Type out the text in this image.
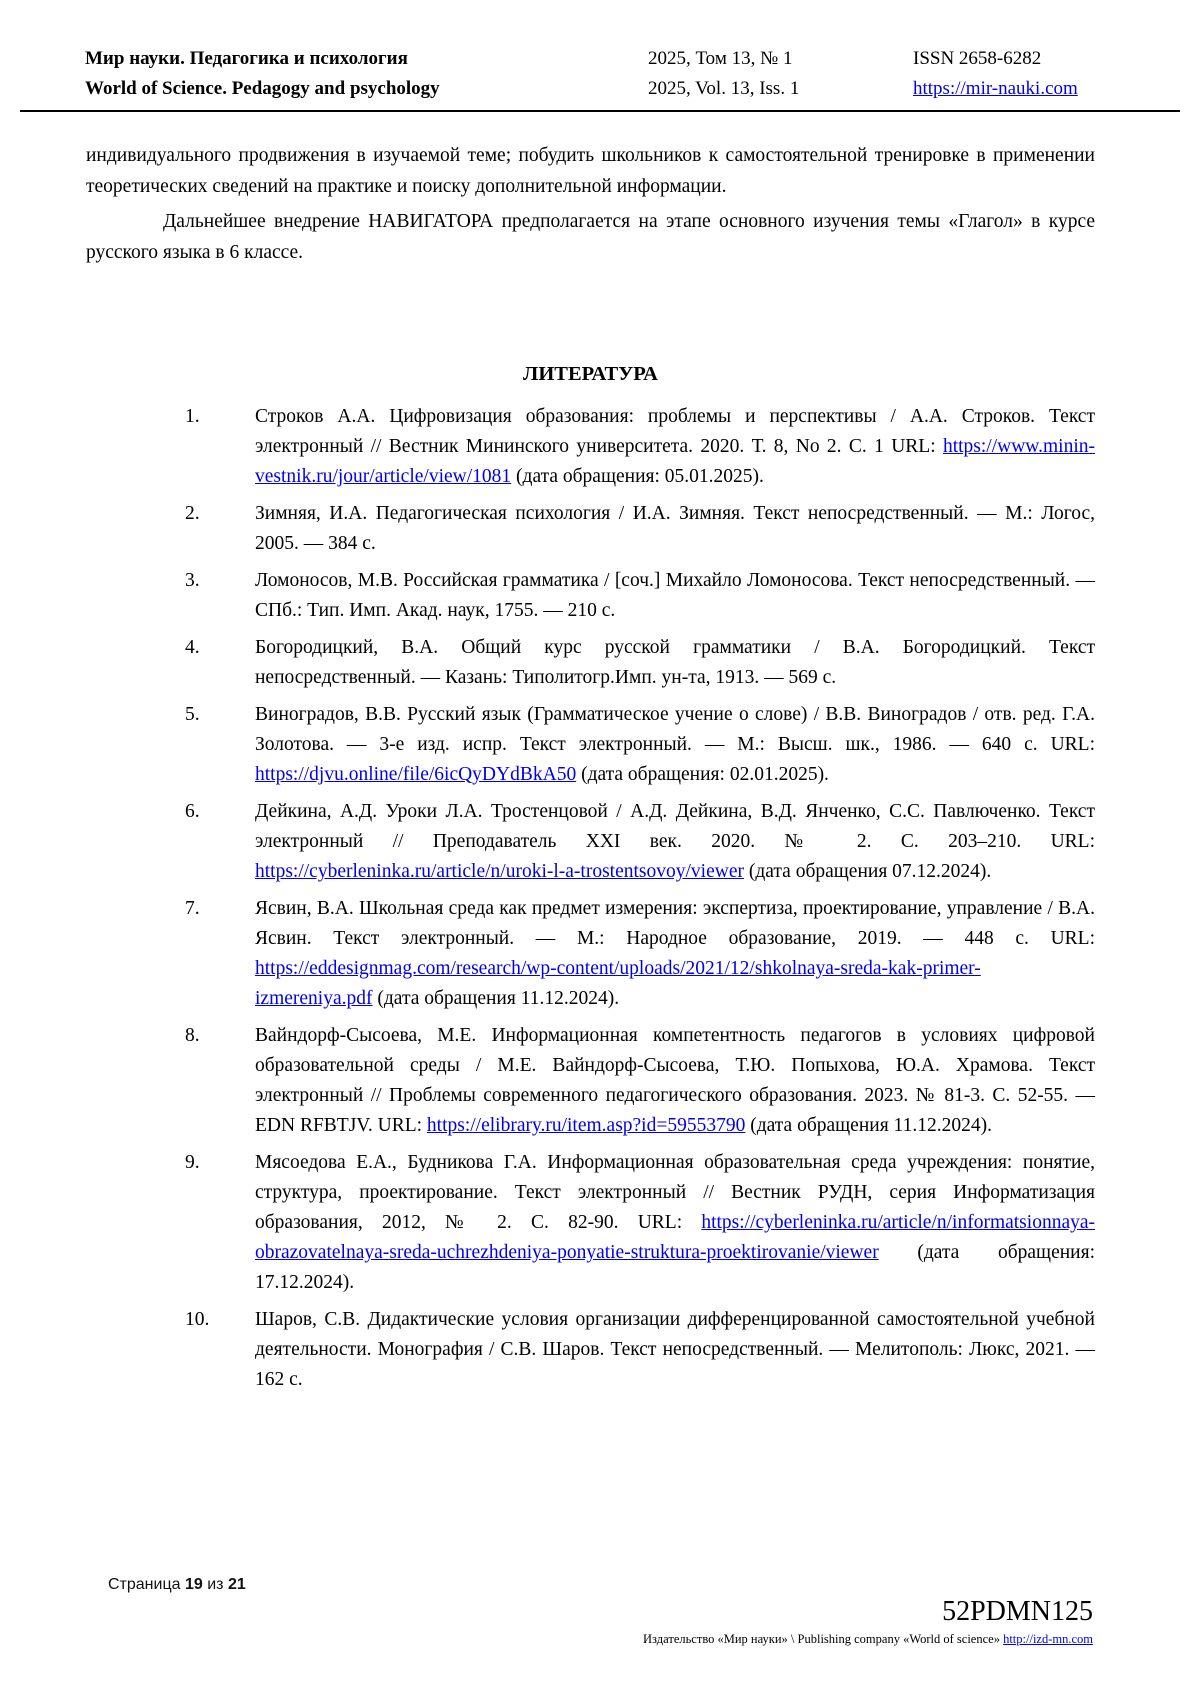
Мир науки. Педагогика и психология
World of Science. Pedagogy and psychology
2025, Том 13, № 1
2025, Vol. 13, Iss. 1
ISSN 2658-6282
https://mir-nauki.com

индивидуального продвижения в изучаемой теме; побудить школьников к самостоятельной тренировке в применении теоретических сведений на практике и поиску дополнительной информации.

Дальнейшее внедрение НАВИГАТОРА предполагается на этапе основного изучения темы «Глагол» в курсе русского языка в 6 классе.

ЛИТЕРАТУРА
1.	Строков А.А. Цифровизация образования: проблемы и перспективы / А.А. Строков. Текст электронный // Вестник Мининского университета. 2020. Т. 8, No 2. С. 1 URL: https://www.minin-vestnik.ru/jour/article/view/1081 (дата обращения: 05.01.2025).
2.	Зимняя, И.А. Педагогическая психология / И.А. Зимняя. Текст непосредственный. — М.: Логос, 2005. — 384 с.
3.	Ломоносов, М.В. Российская грамматика / [соч.] Михайло Ломоносова. Текст непосредственный. — СПб.: Тип. Имп. Акад. наук, 1755. — 210 с.
4.	Богородицкий, В.А. Общий курс русской грамматики / В.А. Богородицкий. Текст непосредственный. — Казань: Типолитогр.Имп. ун-та, 1913. — 569 с.
5.	Виноградов, В.В. Русский язык (Грамматическое учение о слове) / В.В. Виноградов / отв. ред. Г.А. Золотова. — 3-е изд. испр. Текст электронный. — М.: Высш. шк., 1986. — 640 с. URL: https://djvu.online/file/6icQyDYdBkA50 (дата обращения: 02.01.2025).
6.	Дейкина, А.Д. Уроки Л.А. Тростенцовой / А.Д. Дейкина, В.Д. Янченко, С.С. Павлюченко. Текст электронный // Преподаватель XXI век. 2020. № 2. С. 203–210. URL: https://cyberleninka.ru/article/n/uroki-l-a-trostentsovoy/viewer (дата обращения 07.12.2024).
7.	Ясвин, В.А. Школьная среда как предмет измерения: экспертиза, проектирование, управление / В.А. Ясвин. Текст электронный. — М.: Народное образование, 2019. — 448 с. URL: https://eddesignmag.com/research/wp-content/uploads/2021/12/shkolnaya-sreda-kak-primer-izmereniya.pdf (дата обращения 11.12.2024).
8.	Вайндорф-Сысоева, М.Е. Информационная компетентность педагогов в условиях цифровой образовательной среды / М.Е. Вайндорф-Сысоева, Т.Ю. Попыхова, Ю.А. Храмова. Текст электронный // Проблемы современного педагогического образования. 2023. № 81-3. С. 52-55. — EDN RFBTJV. URL: https://elibrary.ru/item.asp?id=59553790 (дата обращения 11.12.2024).
9.	Мясоедова Е.А., Будникова Г.А. Информационная образовательная среда учреждения: понятие, структура, проектирование. Текст электронный // Вестник РУДН, серия Информатизация образования, 2012, № 2. С. 82-90. URL: https://cyberleninka.ru/article/n/informatsionnaya-obrazovatelnaya-sreda-uchrezhdeniya-ponyatie-struktura-proektirovanie/viewer (дата обращения: 17.12.2024).
10. Шаров, С.В. Дидактические условия организации дифференцированной самостоятельной учебной деятельности. Монография / С.В. Шаров. Текст непосредственный. — Мелитополь: Люкс, 2021. — 162 с.
Страница 19 из 21
52PDMN125
Издательство «Мир науки» \ Publishing company «World of science» http://izd-mn.com
